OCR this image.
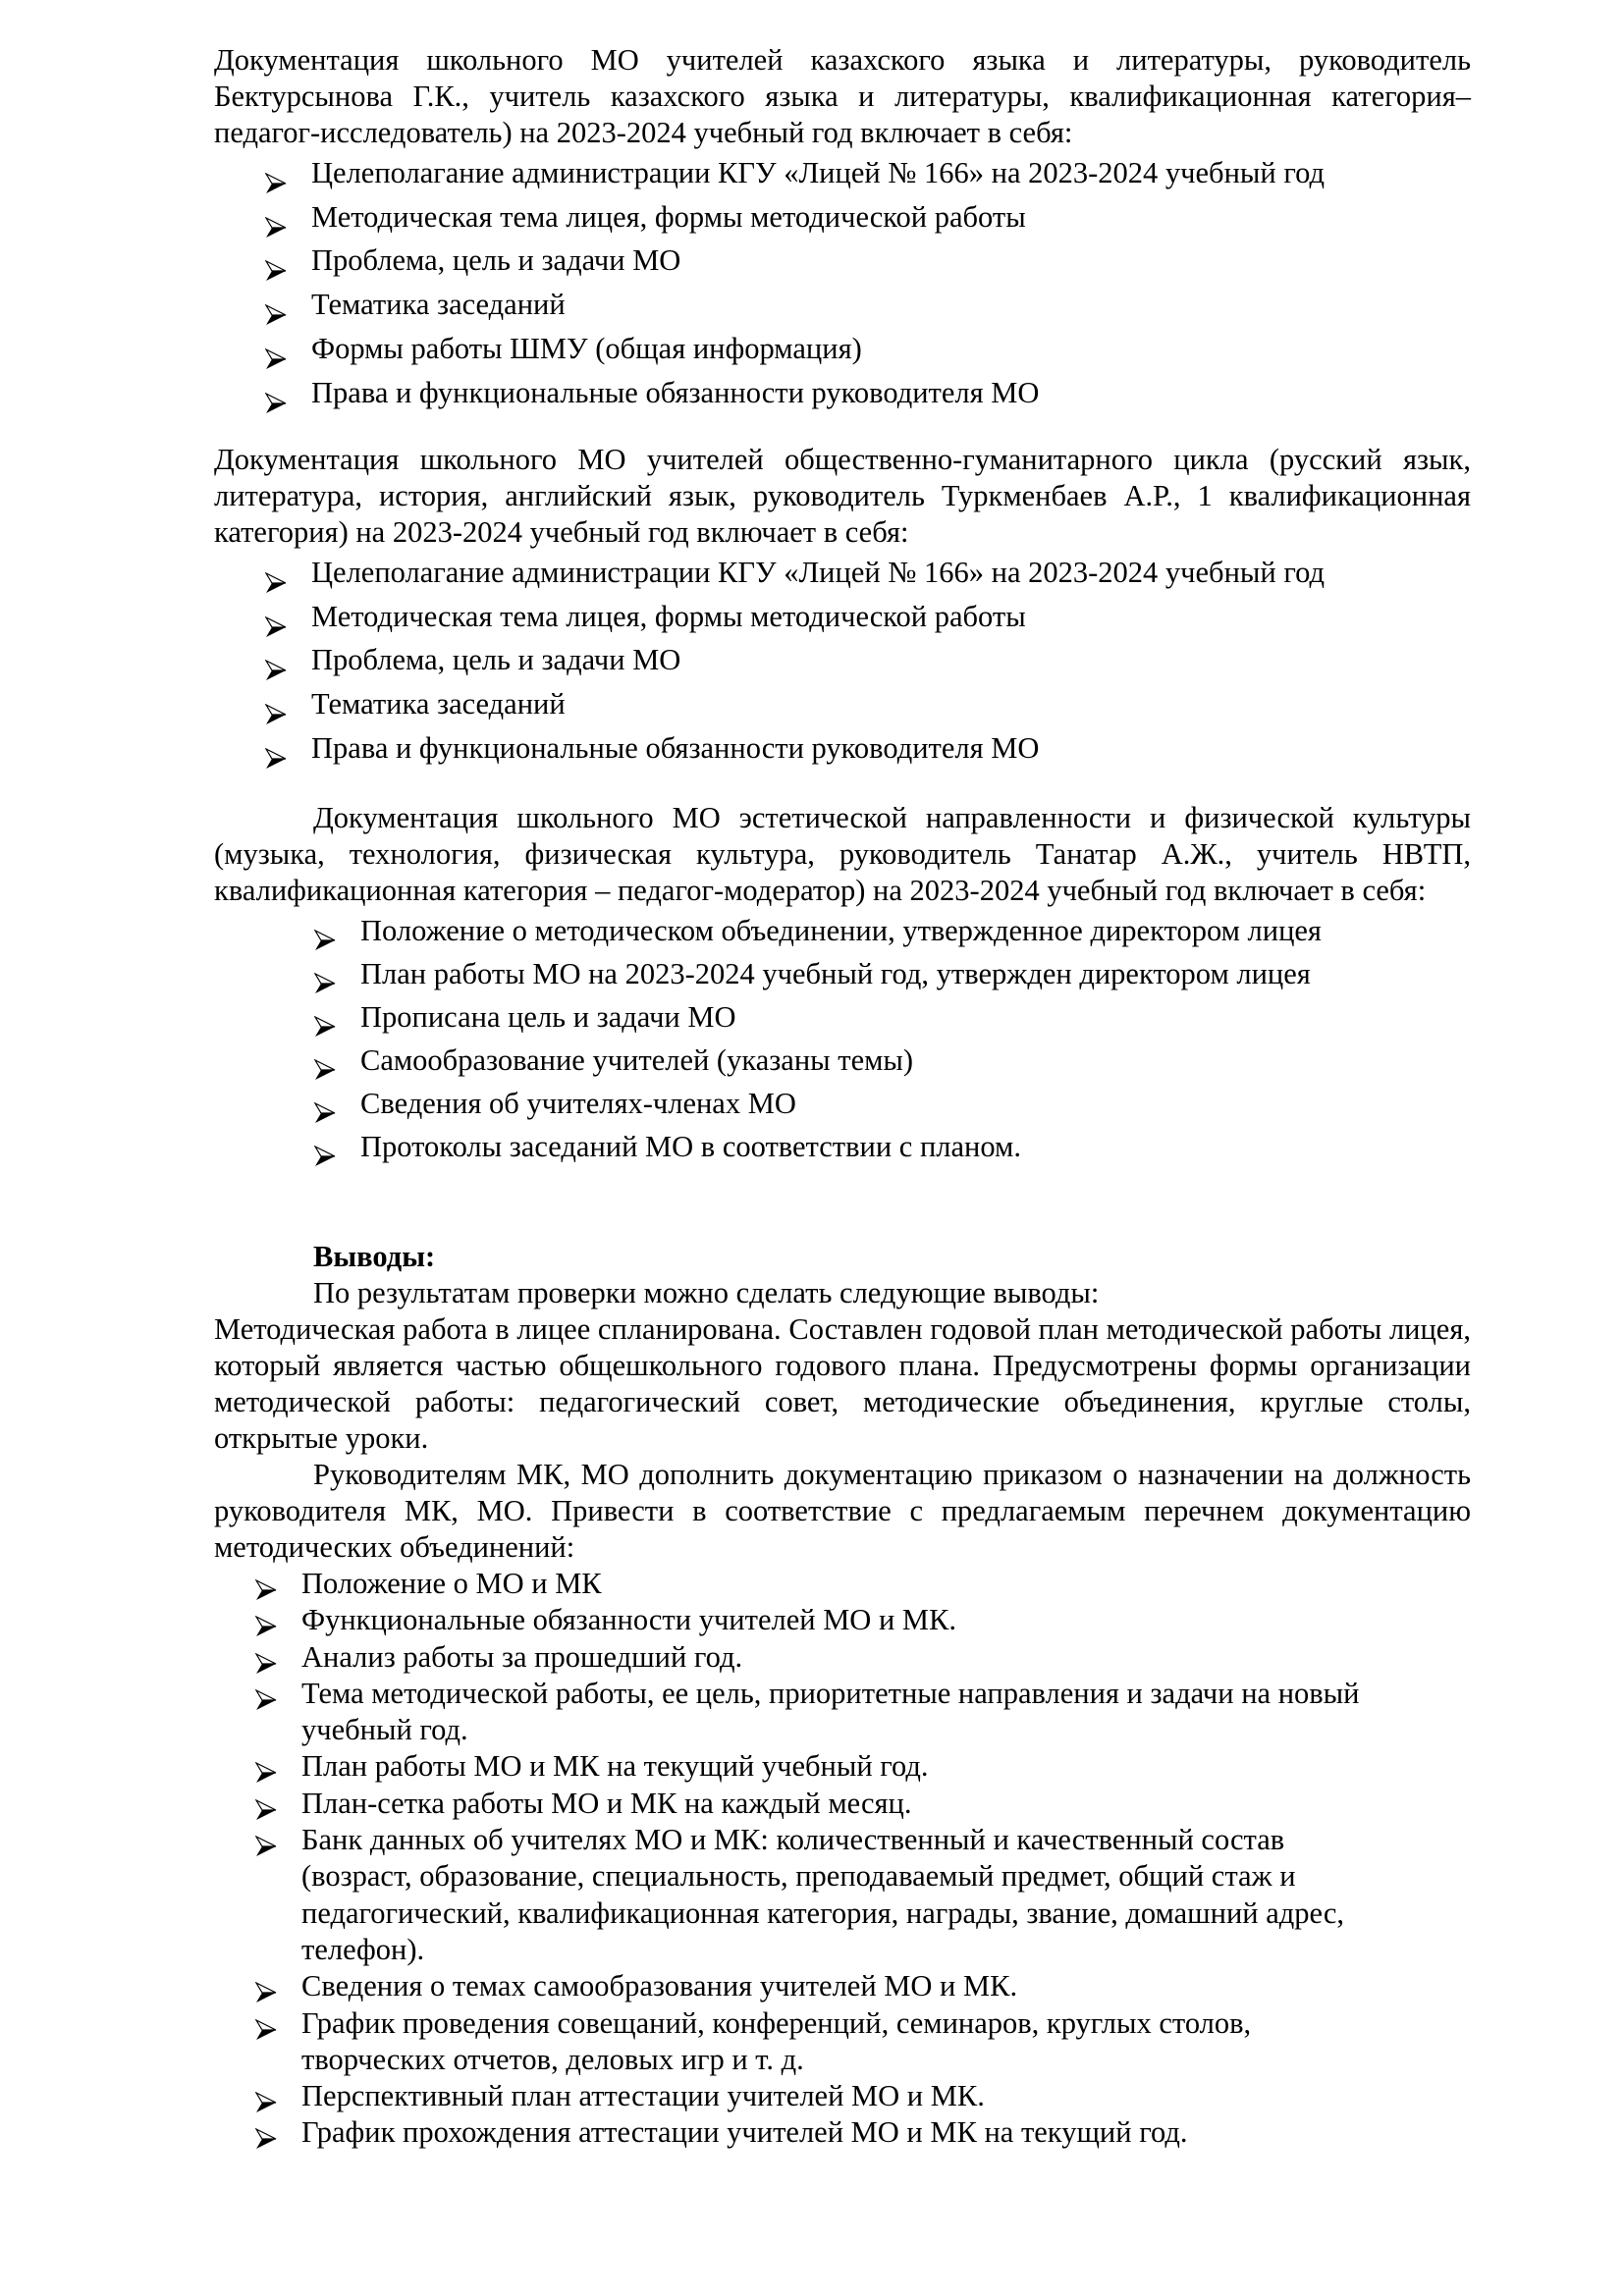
Документация школьного МО учителей казахского языка и литературы, руководитель Бектурсынова Г.К., учитель казахского языка и литературы, квалификационная категория– педагог-исследователь) на 2023-2024 учебный год включает в себя:

Целеполагание администрации КГУ «Лицей № 166» на 2023-2024 учебный год
Методическая тема лицея, формы методической работы
Проблема, цель и задачи МО
Тематика заседаний
Формы работы ШМУ (общая информация)
Права и функциональные обязанности руководителя МО

Документация школьного МО учителей общественно-гуманитарного цикла (русский язык, литература, история, английский язык, руководитель Туркменбаев А.Р., 1 квалификационная категория) на 2023-2024 учебный год включает в себя:

Целеполагание администрации КГУ «Лицей № 166» на 2023-2024 учебный год
Методическая тема лицея, формы методической работы
Проблема, цель и задачи МО
Тематика заседаний
Права и функциональные обязанности руководителя МО

Документация школьного МО эстетической направленности и физической культуры (музыка, технология, физическая культура, руководитель Танатар А.Ж., учитель НВТП, квалификационная категория – педагог-модератор) на 2023-2024 учебный год включает в себя:

Положение о методическом объединении, утвержденное директором лицея
План работы МО на 2023-2024 учебный год, утвержден директором лицея
Прописана цель и задачи МО
Самообразование учителей (указаны темы)
Сведения об учителях-членах МО
Протоколы заседаний МО в соответствии с планом.

Выводы:

По результатам проверки можно сделать следующие выводы:

Методическая работа в лицее спланирована. Составлен годовой план методической работы лицея, который является частью общешкольного годового плана. Предусмотрены формы организации методической работы: педагогический совет, методические объединения, круглые столы, открытые уроки.

Руководителям МК, МО дополнить документацию приказом о назначении на должность руководителя МК, МО. Привести в соответствие с предлагаемым перечнем документацию методических объединений:

Положение о МО и МК
Функциональные обязанности учителей МО и МК.
Анализ работы за прошедший год.
Тема методической работы, ее цель, приоритетные направления и задачи на новый учебный год.
План работы МО и МК на текущий учебный год.
План-сетка работы МО и МК на каждый месяц.
Банк данных об учителях МО и МК: количественный и качественный состав (возраст, образование, специальность, преподаваемый предмет, общий стаж и педагогический, квалификационная категория, награды, звание, домашний адрес, телефон).
Сведения о темах самообразования учителей МО и МК.
График проведения совещаний, конференций, семинаров, круглых столов, творческих отчетов, деловых игр и т. д.
Перспективный план аттестации учителей МО и МК.
График прохождения аттестации учителей МО и МК на текущий год.
